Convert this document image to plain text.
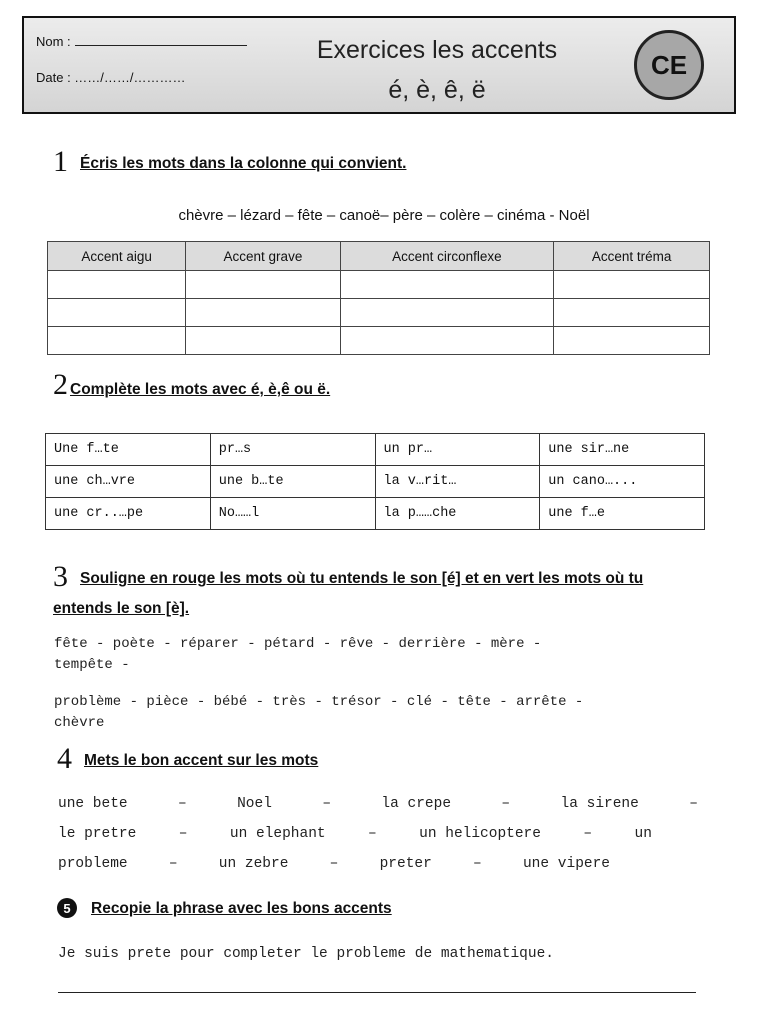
Nom :
Date : ……/……/…………
Exercices les accents
é, è, ê, ë
CE
1 Écris les mots dans la colonne qui convient.
chèvre – lézard – fête – canoë– père – colère – cinéma - Noël
Accent aigu	Accent grave	Accent circonflexe	Accent tréma

2 Complète les mots avec é, è,ê ou ë.
Une f…te	pr…s	un pr…	une sir…ne
une ch…vre	une b…te	la v…rit…	un cano…...
une cr..…pe	No……l	la p……che	une f…e
3 Souligne en rouge les mots où tu entends le son [é] et en vert les mots où tu
entends le son [è].
fête - poète - réparer - pétard - rêve - derrière - mère -
tempête -
problème - pièce - bébé - très - trésor - clé - tête - arrête -
chèvre
4 Mets le bon accent sur les mots
une bete	–	Noel	–	la crepe	–	la sirene	–
le pretre	–	un elephant	–	un helicoptere	–	un
probleme	–	un zebre	–	preter	–	une vipere
5	Recopie la phrase avec les bons accents
Je suis prete pour completer le probleme de mathematique.
